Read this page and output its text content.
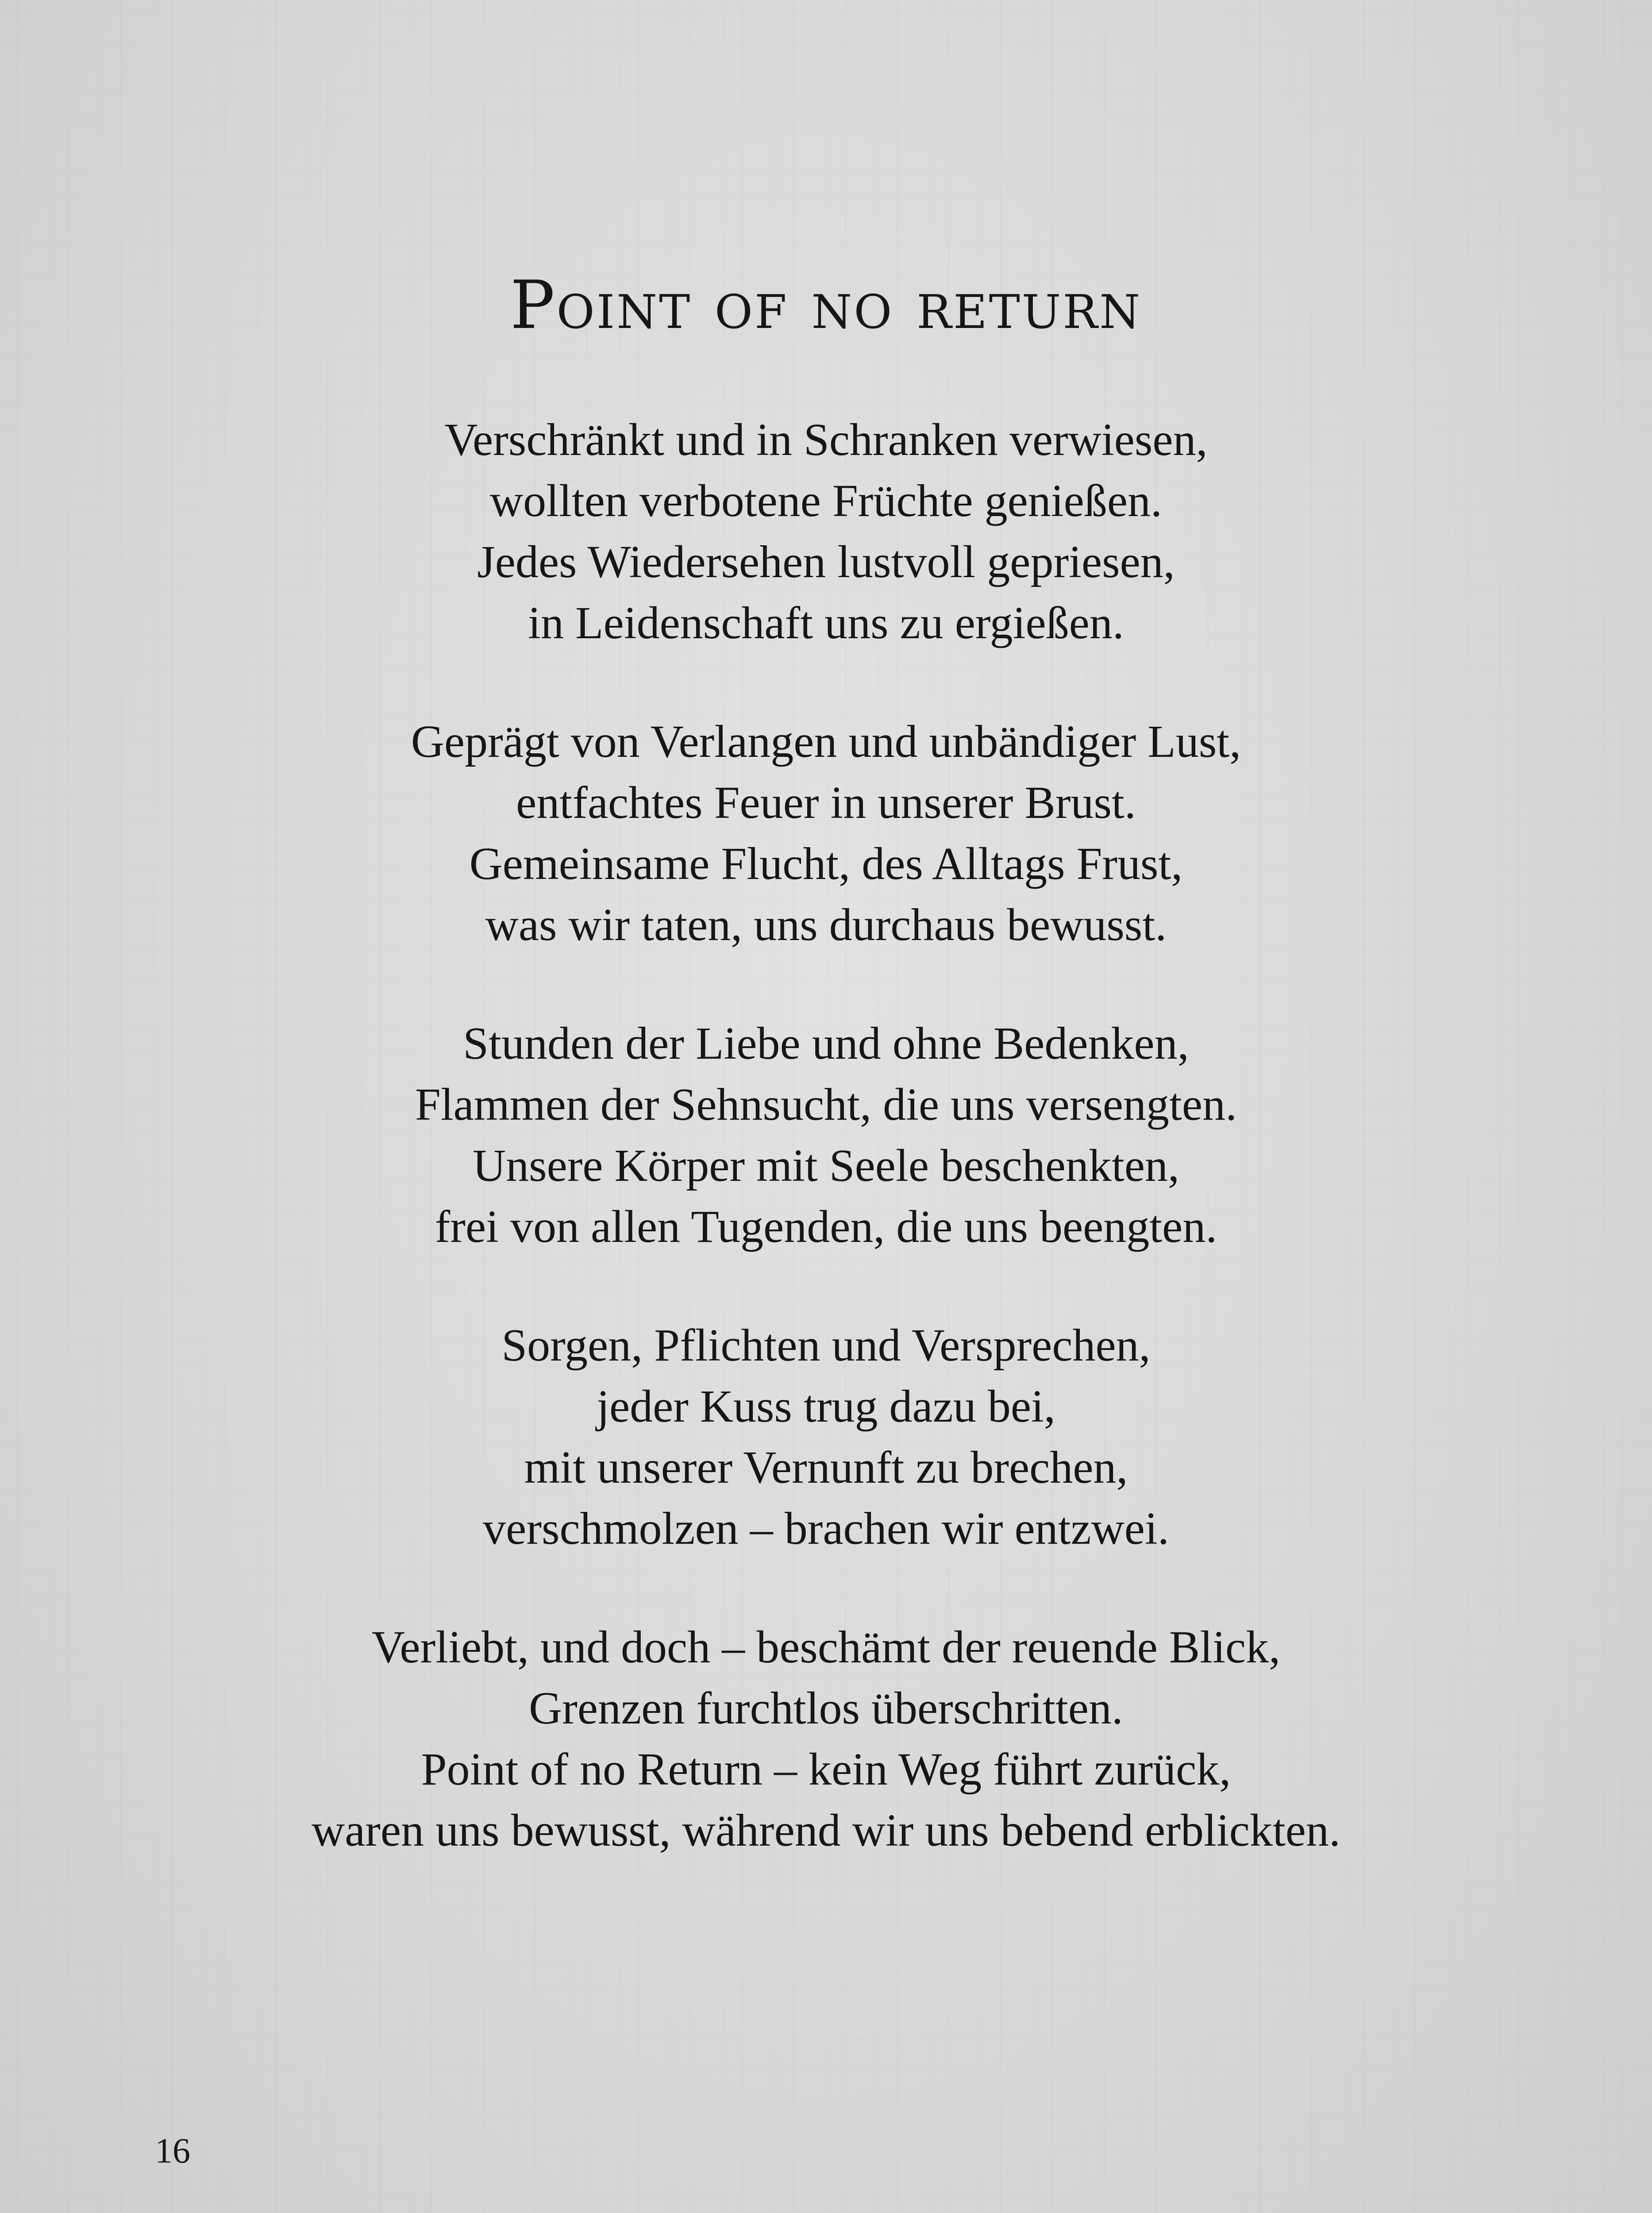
Point of no return
Verschränkt und in Schranken verwiesen,
wollten verbotene Früchte genießen.
Jedes Wiedersehen lustvoll gepriesen,
in Leidenschaft uns zu ergießen.
Geprägt von Verlangen und unbändiger Lust,
entfachtes Feuer in unserer Brust.
Gemeinsame Flucht, des Alltags Frust,
was wir taten, uns durchaus bewusst.
Stunden der Liebe und ohne Bedenken,
Flammen der Sehnsucht, die uns versengten.
Unsere Körper mit Seele beschenkten,
frei von allen Tugenden, die uns beengten.
Sorgen, Pflichten und Versprechen,
jeder Kuss trug dazu bei,
mit unserer Vernunft zu brechen,
verschmolzen – brachen wir entzwei.
Verliebt, und doch – beschämt der reuende Blick,
Grenzen furchtlos überschritten.
Point of no Return – kein Weg führt zurück,
waren uns bewusst, während wir uns bebend erblickten.
16
